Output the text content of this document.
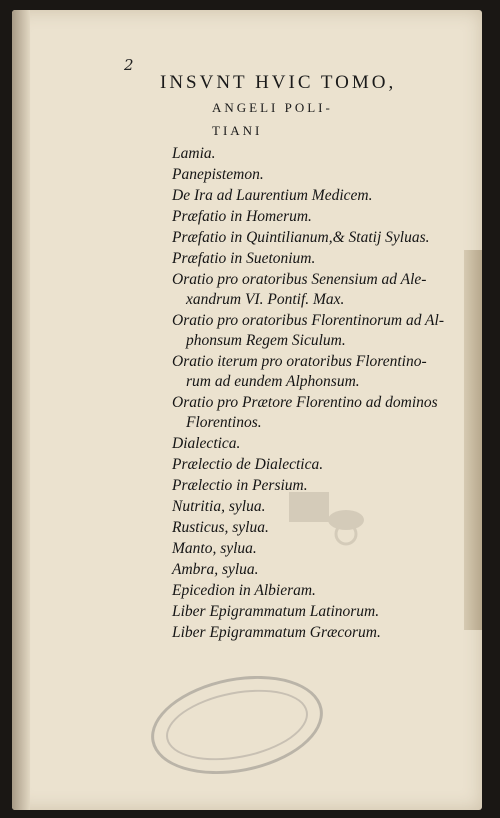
2
INSVNT HVIC TOMO,
ANGELI POLI-
TIANI
Lamia.
Panepistemon.
De Ira ad Laurentium Medicem.
Præfatio in Homerum.
Præfatio in Quintilianum,& Statij Syluas.
Præfatio in Suetonium.
Oratio pro oratoribus Senensium ad Ale-
xandrum VI. Pontif. Max.
Oratio pro oratoribus Florentinorum ad Al-
phonsum Regem Siculum.
Oratio iterum pro oratoribus Florentino-
rum ad eundem Alphonsum.
Oratio pro Prætore Florentino ad dominos
Florentinos.
Dialectica.
Prælectio de Dialectica.
Prælectio in Persium.
Nutritia, sylua.
Rusticus, sylua.
Manto, sylua.
Ambra, sylua.
Epicedion in Albieram.
Liber Epigrammatum Latinorum.
Liber Epigrammatum Græcorum.
